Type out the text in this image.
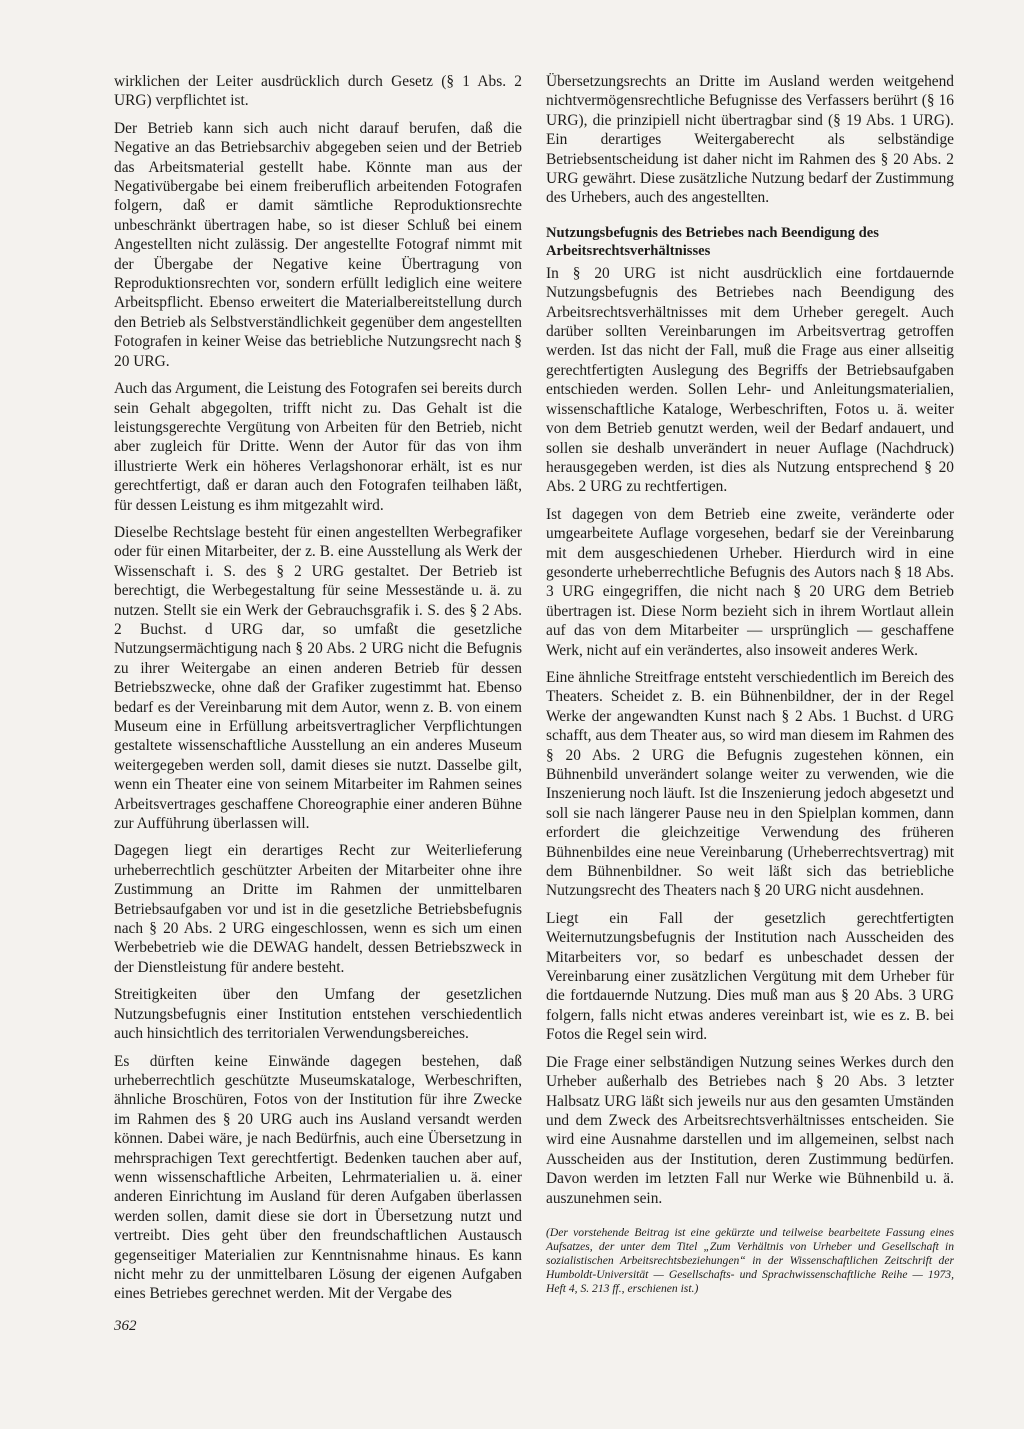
wirklichen der Leiter ausdrücklich durch Gesetz (§ 1 Abs. 2 URG) verpflichtet ist.

Der Betrieb kann sich auch nicht darauf berufen, daß die Negative an das Betriebsarchiv abgegeben seien und der Betrieb das Arbeitsmaterial gestellt habe. Könnte man aus der Negativübergabe bei einem freiberuflich arbeitenden Fotografen folgern, daß er damit sämtliche Reproduktionsrechte unbeschränkt übertragen habe, so ist dieser Schluß bei einem Angestellten nicht zulässig. Der angestellte Fotograf nimmt mit der Übergabe der Negative keine Übertragung von Reproduktionsrechten vor, sondern erfüllt lediglich eine weitere Arbeitspflicht. Ebenso erweitert die Materialbereitstellung durch den Betrieb als Selbstverständlichkeit gegenüber dem angestellten Fotografen in keiner Weise das betriebliche Nutzungsrecht nach § 20 URG.

Auch das Argument, die Leistung des Fotografen sei bereits durch sein Gehalt abgegolten, trifft nicht zu. Das Gehalt ist die leistungsgerechte Vergütung von Arbeiten für den Betrieb, nicht aber zugleich für Dritte. Wenn der Autor für das von ihm illustrierte Werk ein höheres Verlagshonorar erhält, ist es nur gerechtfertigt, daß er daran auch den Fotografen teilhaben läßt, für dessen Leistung es ihm mitgezahlt wird.

Dieselbe Rechtslage besteht für einen angestellten Werbegrafiker oder für einen Mitarbeiter, der z. B. eine Ausstellung als Werk der Wissenschaft i. S. des § 2 URG gestaltet. Der Betrieb ist berechtigt, die Werbegestaltung für seine Messestände u. ä. zu nutzen. Stellt sie ein Werk der Gebrauchsgrafik i. S. des § 2 Abs. 2 Buchst. d URG dar, so umfaßt die gesetzliche Nutzungsermächtigung nach § 20 Abs. 2 URG nicht die Befugnis zu ihrer Weitergabe an einen anderen Betrieb für dessen Betriebszwecke, ohne daß der Grafiker zugestimmt hat. Ebenso bedarf es der Vereinbarung mit dem Autor, wenn z. B. von einem Museum eine in Erfüllung arbeitsvertraglicher Verpflichtungen gestaltete wissenschaftliche Ausstellung an ein anderes Museum weitergegeben werden soll, damit dieses sie nutzt. Dasselbe gilt, wenn ein Theater eine von seinem Mitarbeiter im Rahmen seines Arbeitsvertrages geschaffene Choreographie einer anderen Bühne zur Aufführung überlassen will.

Dagegen liegt ein derartiges Recht zur Weiterlieferung urheberrechtlich geschützter Arbeiten der Mitarbeiter ohne ihre Zustimmung an Dritte im Rahmen der unmittelbaren Betriebsaufgaben vor und ist in die gesetzliche Betriebsbefugnis nach § 20 Abs. 2 URG eingeschlossen, wenn es sich um einen Werbebetrieb wie die DEWAG handelt, dessen Betriebszweck in der Dienstleistung für andere besteht.

Streitigkeiten über den Umfang der gesetzlichen Nutzungsbefugnis einer Institution entstehen verschiedentlich auch hinsichtlich des territorialen Verwendungsbereiches.

Es dürften keine Einwände dagegen bestehen, daß urheberrechtlich geschützte Museumskataloge, Werbeschriften, ähnliche Broschüren, Fotos von der Institution für ihre Zwecke im Rahmen des § 20 URG auch ins Ausland versandt werden können. Dabei wäre, je nach Bedürfnis, auch eine Übersetzung in mehrsprachigen Text gerechtfertigt. Bedenken tauchen aber auf, wenn wissenschaftliche Arbeiten, Lehrmaterialien u. ä. einer anderen Einrichtung im Ausland für deren Aufgaben überlassen werden sollen, damit diese sie dort in Übersetzung nutzt und vertreibt. Dies geht über den freundschaftlichen Austausch gegenseitiger Materialien zur Kenntnisnahme hinaus. Es kann nicht mehr zu der unmittelbaren Lösung der eigenen Aufgaben eines Betriebes gerechnet werden. Mit der Vergabe des

Übersetzungsrechts an Dritte im Ausland werden weitgehend nichtvermögensrechtliche Befugnisse des Verfassers berührt (§ 16 URG), die prinzipiell nicht übertragbar sind (§ 19 Abs. 1 URG). Ein derartiges Weitergaberecht als selbständige Betriebsentscheidung ist daher nicht im Rahmen des § 20 Abs. 2 URG gewährt. Diese zusätzliche Nutzung bedarf der Zustimmung des Urhebers, auch des angestellten.

Nutzungsbefugnis des Betriebes nach Beendigung des Arbeitsrechtsverhältnisses

In § 20 URG ist nicht ausdrücklich eine fortdauernde Nutzungsbefugnis des Betriebes nach Beendigung des Arbeitsrechtsverhältnisses mit dem Urheber geregelt. Auch darüber sollten Vereinbarungen im Arbeitsvertrag getroffen werden. Ist das nicht der Fall, muß die Frage aus einer allseitig gerechtfertigten Auslegung des Begriffs der Betriebsaufgaben entschieden werden. Sollen Lehr- und Anleitungsmaterialien, wissenschaftliche Kataloge, Werbeschriften, Fotos u. ä. weiter von dem Betrieb genutzt werden, weil der Bedarf andauert, und sollen sie deshalb unverändert in neuer Auflage (Nachdruck) herausgegeben werden, ist dies als Nutzung entsprechend § 20 Abs. 2 URG zu rechtfertigen.

Ist dagegen von dem Betrieb eine zweite, veränderte oder umgearbeitete Auflage vorgesehen, bedarf sie der Vereinbarung mit dem ausgeschiedenen Urheber. Hierdurch wird in eine gesonderte urheberrechtliche Befugnis des Autors nach § 18 Abs. 3 URG eingegriffen, die nicht nach § 20 URG dem Betrieb übertragen ist. Diese Norm bezieht sich in ihrem Wortlaut allein auf das von dem Mitarbeiter — ursprünglich — geschaffene Werk, nicht auf ein verändertes, also insoweit anderes Werk.

Eine ähnliche Streitfrage entsteht verschiedentlich im Bereich des Theaters. Scheidet z. B. ein Bühnenbildner, der in der Regel Werke der angewandten Kunst nach § 2 Abs. 1 Buchst. d URG schafft, aus dem Theater aus, so wird man diesem im Rahmen des § 20 Abs. 2 URG die Befugnis zugestehen können, ein Bühnenbild unverändert solange weiter zu verwenden, wie die Inszenierung noch läuft. Ist die Inszenierung jedoch abgesetzt und soll sie nach längerer Pause neu in den Spielplan kommen, dann erfordert die gleichzeitige Verwendung des früheren Bühnenbildes eine neue Vereinbarung (Urheberrechtsvertrag) mit dem Bühnenbildner. So weit läßt sich das betriebliche Nutzungsrecht des Theaters nach § 20 URG nicht ausdehnen.

Liegt ein Fall der gesetzlich gerechtfertigten Weiternutzungsbefugnis der Institution nach Ausscheiden des Mitarbeiters vor, so bedarf es unbeschadet dessen der Vereinbarung einer zusätzlichen Vergütung mit dem Urheber für die fortdauernde Nutzung. Dies muß man aus § 20 Abs. 3 URG folgern, falls nicht etwas anderes vereinbart ist, wie es z. B. bei Fotos die Regel sein wird.

Die Frage einer selbständigen Nutzung seines Werkes durch den Urheber außerhalb des Betriebes nach § 20 Abs. 3 letzter Halbsatz URG läßt sich jeweils nur aus den gesamten Umständen und dem Zweck des Arbeitsrechtsverhältnisses entscheiden. Sie wird eine Ausnahme darstellen und im allgemeinen, selbst nach Ausscheiden aus der Institution, deren Zustimmung bedürfen. Davon werden im letzten Fall nur Werke wie Bühnenbild u. ä. auszunehmen sein.

(Der vorstehende Beitrag ist eine gekürzte und teilweise bearbeitete Fassung eines Aufsatzes, der unter dem Titel „Zum Verhältnis von Urheber und Gesellschaft in sozialistischen Arbeitsrechtsbeziehungen“ in der Wissenschaftlichen Zeitschrift der Humboldt-Universität — Gesellschafts- und Sprachwissenschaftliche Reihe — 1973, Heft 4, S. 213 ff., erschienen ist.)
362
